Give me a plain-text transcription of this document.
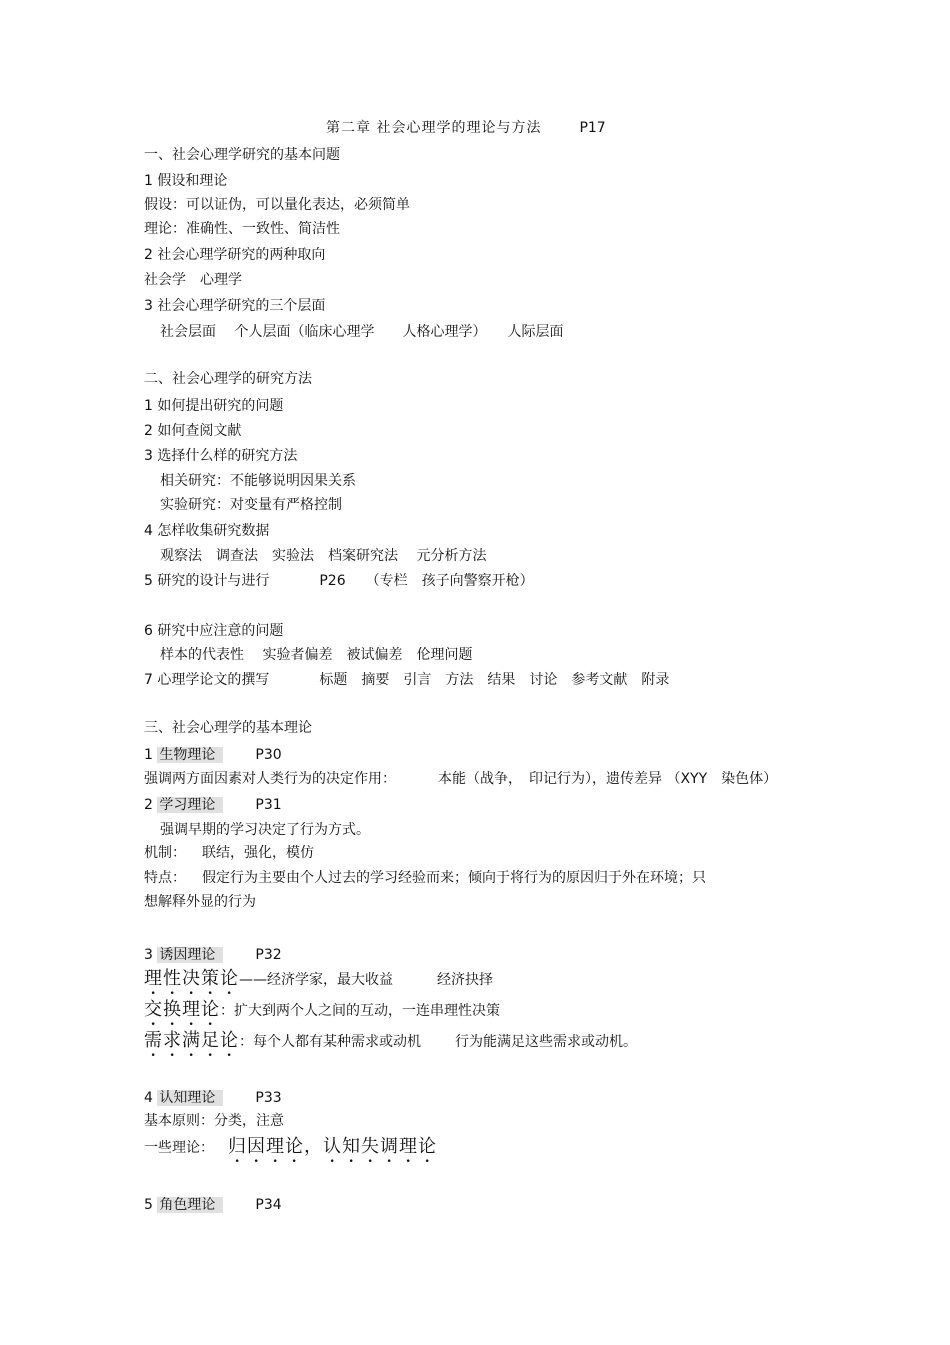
第二章 社会心理学的理论与方法	P17
一、社会心理学研究的基本问题
1 假设和理论
假设：可以证伪，可以量化表达，必须简单
理论：准确性、一致性、简洁性
2 社会心理学研究的两种取向
社会学　心理学
3 社会心理学研究的三个层面
社会层面　 个人层面（临床心理学　　人格心理学）　　人际层面
二、社会心理学的研究方法
1 如何提出研究的问题
2 如何查阅文献
3 选择什么样的研究方法
相关研究：不能够说明因果关系
实验研究：对变量有严格控制
4 怎样收集研究数据
观察法　调查法　实验法　档案研究法　 元分析方法
5 研究的设计与进行	P26 （专栏　孩子向警察开枪）
6 研究中应注意的问题
样本的代表性　 实验者偏差　被试偏差　伦理问题
7 心理学论文的撰写	标题　摘要　引言　方法　结果　讨论　参考文献　附录
三、社会心理学的基本理论
1 生物理论	P30
强调两方面因素对人类行为的决定作用：	本能（战争，　印记行为），遗传差异 （XYY　染色体）
2 学习理论	P31
强调早期的学习决定了行为方式。
机制： 联结，强化，模仿
特点： 假定行为主要由个人过去的学习经验而来；倾向于将行为的原因归于外在环境；只
想解释外显的行为
3 诱因理论	P32
理性决策论——经济学家，最大收益	经济抉择
交换理论：扩大到两个人之间的互动，一连串理性决策
需求满足论：每个人都有某种需求或动机 行为能满足这些需求或动机。
4 认知理论	P33
基本原则：分类，注意
一些理论： 归因理论，认知失调理论
5 角色理论	P34
